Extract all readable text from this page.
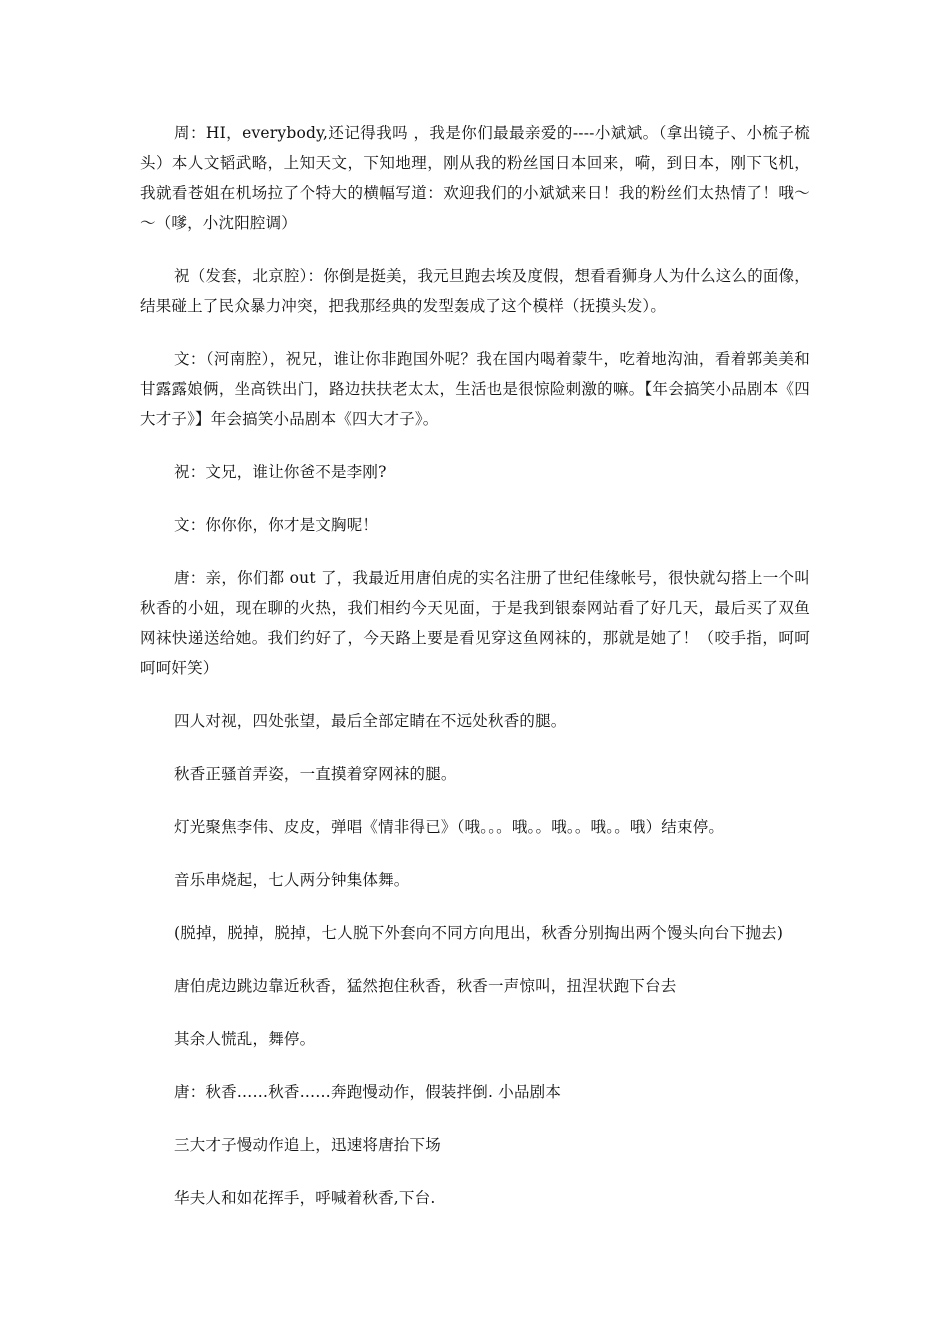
周：HI，everybody,还记得我吗 ，我是你们最最亲爱的----小斌斌。（拿出镜子、小梳子梳头）本人文韬武略，上知天文，下知地理，刚从我的粉丝国日本回来，嗬，到日本，刚下飞机，我就看苍姐在机场拉了个特大的横幅写道：欢迎我们的小斌斌来日！我的粉丝们太热情了！哦～～（嗲，小沈阳腔调）

祝（发套，北京腔）：你倒是挺美，我元旦跑去埃及度假，想看看狮身人为什么这么的面像，结果碰上了民众暴力冲突，把我那经典的发型轰成了这个模样（抚摸头发）。

文：（河南腔），祝兄，谁让你非跑国外呢？我在国内喝着蒙牛，吃着地沟油，看着郭美美和甘露露娘俩，坐高铁出门，路边扶扶老太太，生活也是很惊险刺激的嘛。【年会搞笑小品剧本《四大才子》】年会搞笑小品剧本《四大才子》。

祝：文兄，谁让你爸不是李刚?

文：你你你，你才是文胸呢！

唐：亲，你们都 out 了，我最近用唐伯虎的实名注册了世纪佳缘帐号，很快就勾搭上一个叫秋香的小妞，现在聊的火热，我们相约今天见面，于是我到银泰网站看了好几天，最后买了双鱼网袜快递送给她。我们约好了，今天路上要是看见穿这鱼网袜的，那就是她了！（咬手指，呵呵呵呵奸笑）

四人对视，四处张望，最后全部定睛在不远处秋香的腿。

秋香正骚首弄姿，一直摸着穿网袜的腿。

灯光聚焦李伟、皮皮，弹唱《情非得已》（哦。。。哦。。哦。。哦。。哦）结束停。

音乐串烧起，七人两分钟集体舞。

(脱掉，脱掉，脱掉，七人脱下外套向不同方向甩出，秋香分别掏出两个馒头向台下抛去)

唐伯虎边跳边靠近秋香，猛然抱住秋香，秋香一声惊叫，扭涅状跑下台去

其余人慌乱，舞停。

唐：秋香……秋香……奔跑慢动作，假装拌倒. 小品剧本

三大才子慢动作追上，迅速将唐抬下场

华夫人和如花挥手，呼喊着秋香,下台.
